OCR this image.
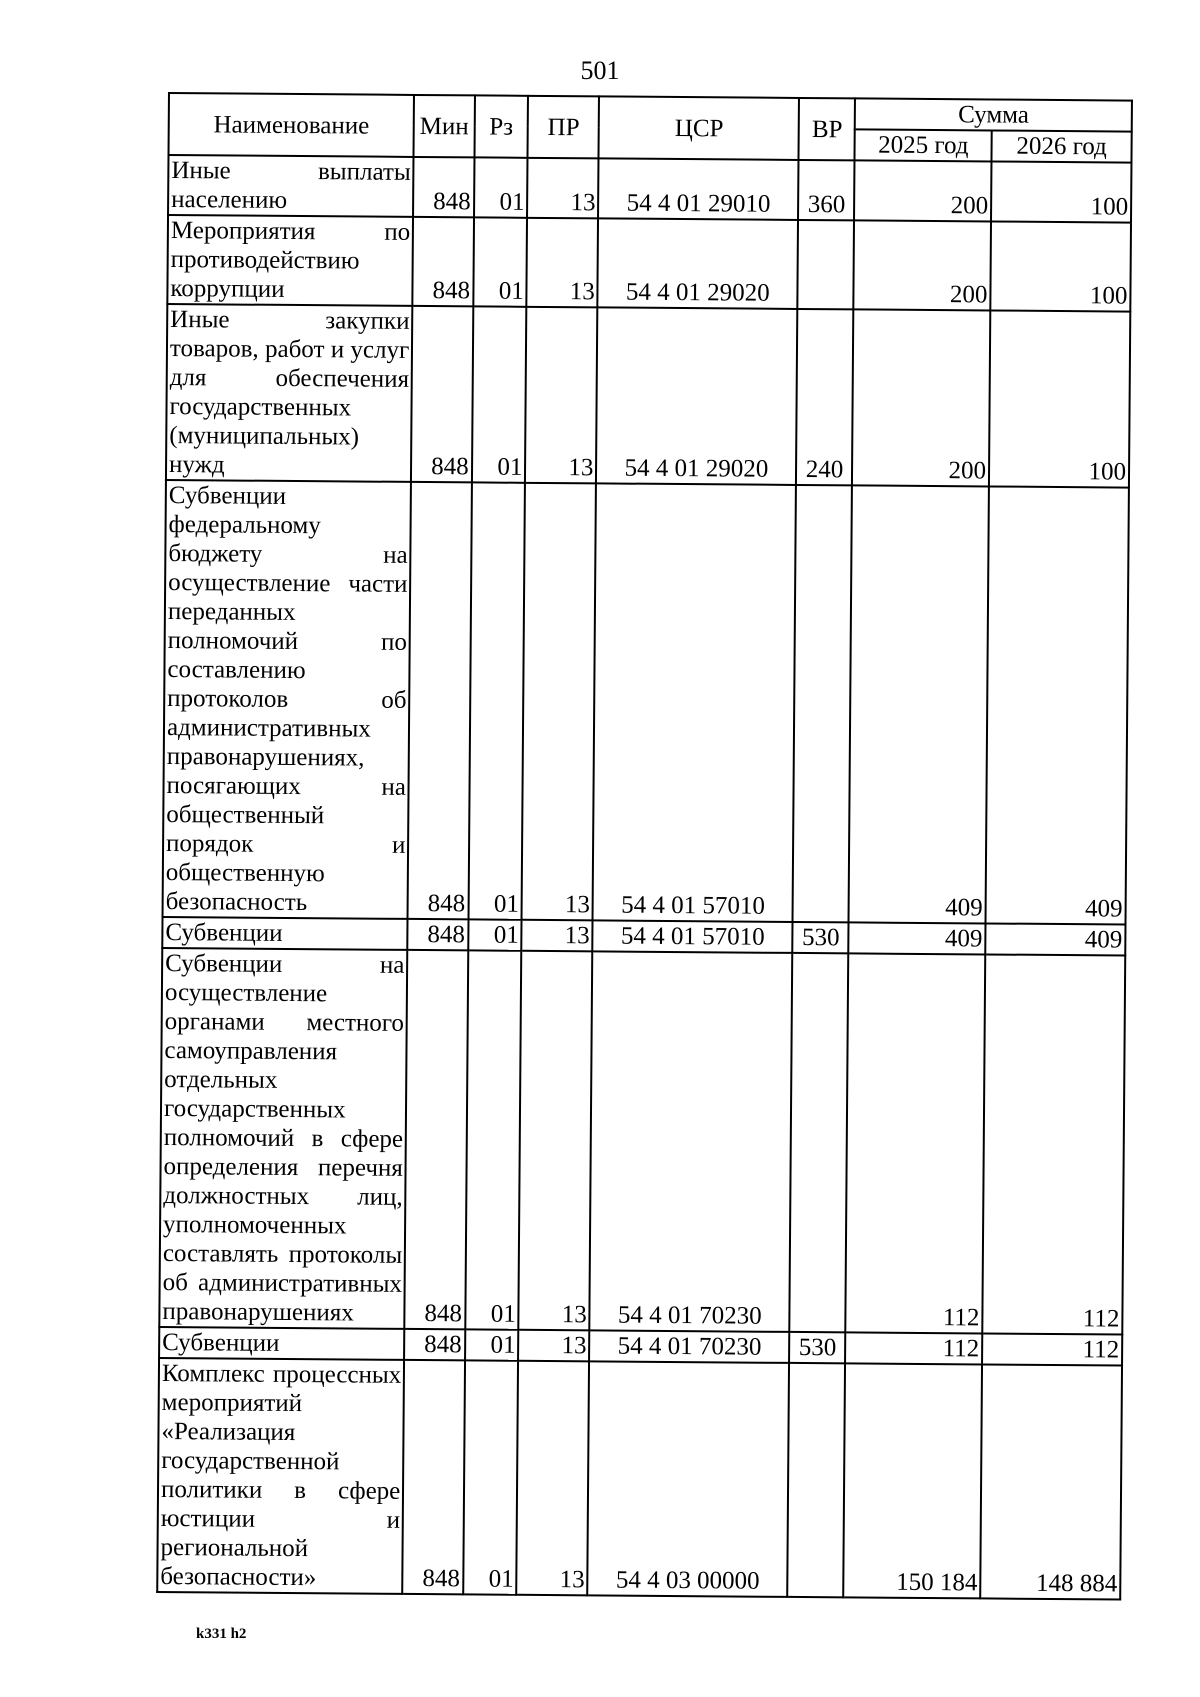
501
Наименование	Мин	Рз	ПР	ЦСР	ВР	Сумма	
						2025 год	2026 год
Иные выплаты населению	848	01	13	54 4 01 29010	360	200	100
Мероприятия по противодействию коррупции	848	01	13	54 4 01 29020		200	100
Иные закупки товаров, работ и услуг для обеспечения государственных (муниципальных) нужд	848	01	13	54 4 01 29020	240	200	100
Субвенции федеральному бюджету на осуществление части переданных полномочий по составлению протоколов об административных правонарушениях, посягающих на общественный порядок и общественную безопасность	848	01	13	54 4 01 57010		409	409
Субвенции	848	01	13	54 4 01 57010	530	409	409
Субвенции на осуществление органами местного самоуправления отдельных государственных полномочий в сфере определения перечня должностных лиц, уполномоченных составлять протоколы об административных правонарушениях	848	01	13	54 4 01 70230		112	112
Субвенции	848	01	13	54 4 01 70230	530	112	112
Комплекс процессных мероприятий «Реализация государственной политики в сфере юстиции и региональной безопасности»	848	01	13	54 4 03 00000		150 184	148 884
k331 h2
